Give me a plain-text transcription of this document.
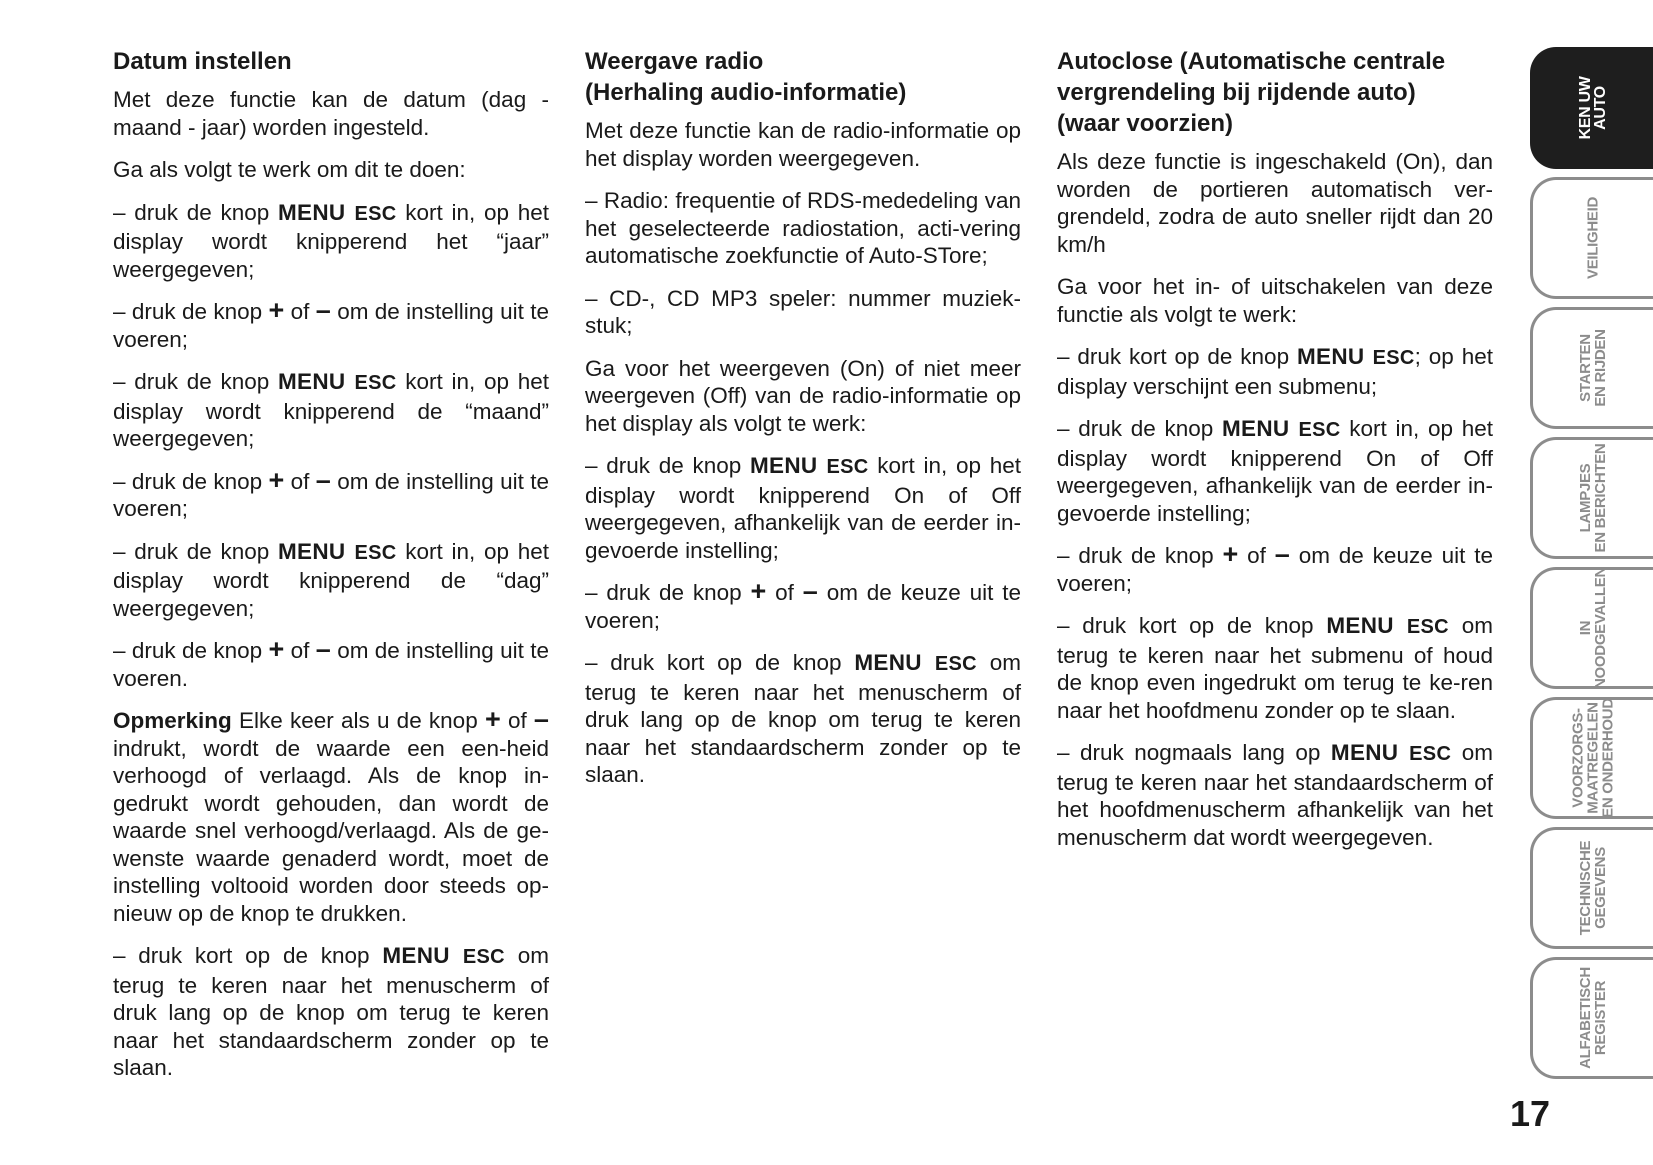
Datum instellen

Met deze functie kan de datum (dag - maand - jaar) worden ingesteld.

Ga als volgt te werk om dit te doen:

– druk de knop MENU ESC kort in, op het display wordt knipperend het “jaar” weergegeven;

– druk de knop + of – om de instelling uit te voeren;

– druk de knop MENU ESC kort in, op het display wordt knipperend de “maand” weergegeven;

– druk de knop + of – om de instelling uit te voeren;

– druk de knop MENU ESC kort in, op het display wordt knipperend de “dag” weergegeven;

– druk de knop + of – om de instelling uit te voeren.

Opmerking Elke keer als u de knop + of – indrukt, wordt de waarde een een-heid verhoogd of verlaagd. Als de knop in-gedrukt wordt gehouden, dan wordt de waarde snel verhoogd/verlaagd. Als de ge-wenste waarde genaderd wordt, moet de instelling voltooid worden door steeds op-nieuw op de knop te drukken.

– druk kort op de knop MENU ESC om terug te keren naar het menuscherm of druk lang op de knop om terug te keren naar het standaardscherm zonder op te slaan.

Weergave radio
(Herhaling audio-informatie)

Met deze functie kan de radio-informatie op het display worden weergegeven.

– Radio: frequentie of RDS-mededeling van het geselecteerde radiostation, acti-vering automatische zoekfunctie of Auto-STore;

– CD-, CD MP3 speler: nummer muziek-stuk;

Ga voor het weergeven (On) of niet meer weergeven (Off) van de radio-informatie op het display als volgt te werk:

– druk de knop MENU ESC kort in, op het display wordt knipperend On of Off weergegeven, afhankelijk van de eerder in-gevoerde instelling;

– druk de knop + of – om de keuze uit te voeren;

– druk kort op de knop MENU ESC om terug te keren naar het menuscherm of druk lang op de knop om terug te keren naar het standaardscherm zonder op te slaan.

Autoclose (Automatische centrale
vergrendeling bij rijdende auto)
(waar voorzien)

Als deze functie is ingeschakeld (On), dan worden de portieren automatisch ver-grendeld, zodra de auto sneller rijdt dan 20 km/h

Ga voor het in- of uitschakelen van deze functie als volgt te werk:

– druk kort op de knop MENU ESC; op het display verschijnt een submenu;

– druk de knop MENU ESC kort in, op het display wordt knipperend On of Off weergegeven, afhankelijk van de eerder in-gevoerde instelling;

– druk de knop + of – om de keuze uit te voeren;

– druk kort op de knop MENU ESC om terug te keren naar het submenu of houd de knop even ingedrukt om terug te ke-ren naar het hoofdmenu zonder op te slaan.

– druk nogmaals lang op MENU ESC om terug te keren naar het standaardscherm of het hoofdmenuscherm afhankelijk van het menuscherm dat wordt weergegeven.

KEN UW
AUTO
VEILIGHEID
STARTEN
EN RIJDEN
LAMPJES
EN BERICHTEN
IN
NOODGEVALLEN
VOORZORGS-
MAATREGELEN
EN ONDERHOUD
TECHNISCHE
GEGEVENS
ALFABETISCH
REGISTER
17
